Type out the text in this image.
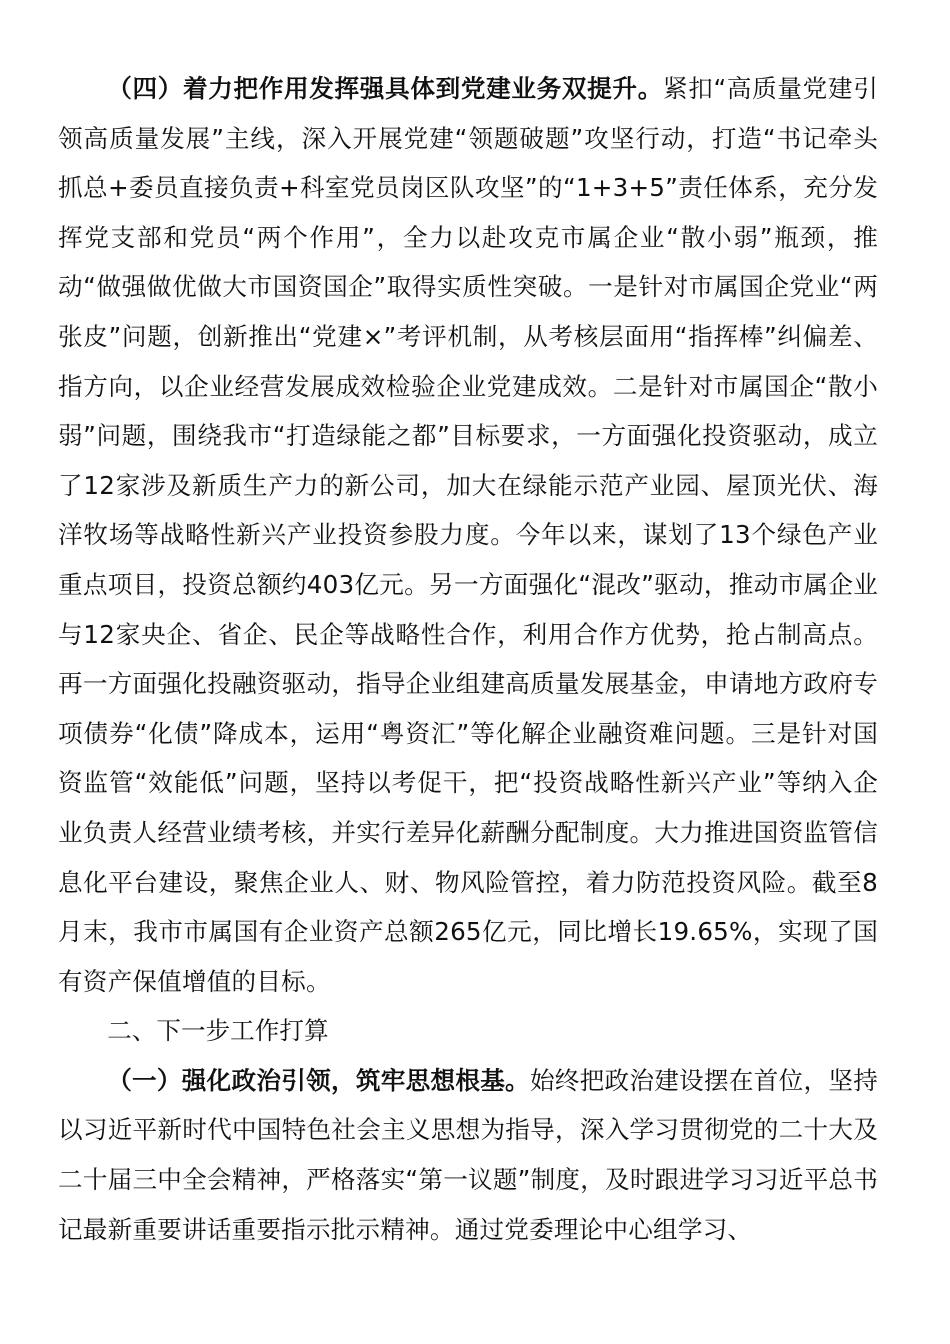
（四）着力把作用发挥强具体到党建业务双提升。紧扣“高质量党建引领高质量发展”主线，深入开展党建“领题破题”攻坚行动，打造“书记牵头抓总+委员直接负责+科室党员岗区队攻坚”的“1+3+5”责任体系，充分发挥党支部和党员“两个作用”，全力以赴攻克市属企业“散小弱”瓶颈，推动“做强做优做大市国资国企”取得实质性突破。一是针对市属国企党业“两张皮”问题，创新推出“党建×”考评机制，从考核层面用“指挥棒”纠偏差、指方向，以企业经营发展成效检验企业党建成效。二是针对市属国企“散小弱”问题，围绕我市“打造绿能之都”目标要求，一方面强化投资驱动，成立了12家涉及新质生产力的新公司，加大在绿能示范产业园、屋顶光伏、海洋牧场等战略性新兴产业投资参股力度。今年以来，谋划了13个绿色产业重点项目，投资总额约403亿元。另一方面强化“混改”驱动，推动市属企业与12家央企、省企、民企等战略性合作，利用合作方优势，抢占制高点。再一方面强化投融资驱动，指导企业组建高质量发展基金，申请地方政府专项债券“化债”降成本，运用“粤资汇”等化解企业融资难问题。三是针对国资监管“效能低”问题，坚持以考促干，把“投资战略性新兴产业”等纳入企业负责人经营业绩考核，并实行差异化薪酬分配制度。大力推进国资监管信息化平台建设，聚焦企业人、财、物风险管控，着力防范投资风险。截至8月末，我市市属国有企业资产总额265亿元，同比增长19.65%，实现了国有资产保值增值的目标。

二、下一步工作打算

（一）强化政治引领，筑牢思想根基。始终把政治建设摆在首位，坚持以习近平新时代中国特色社会主义思想为指导，深入学习贯彻党的二十大及二十届三中全会精神，严格落实“第一议题”制度，及时跟进学习习近平总书记最新重要讲话重要指示批示精神。通过党委理论中心组学习、
